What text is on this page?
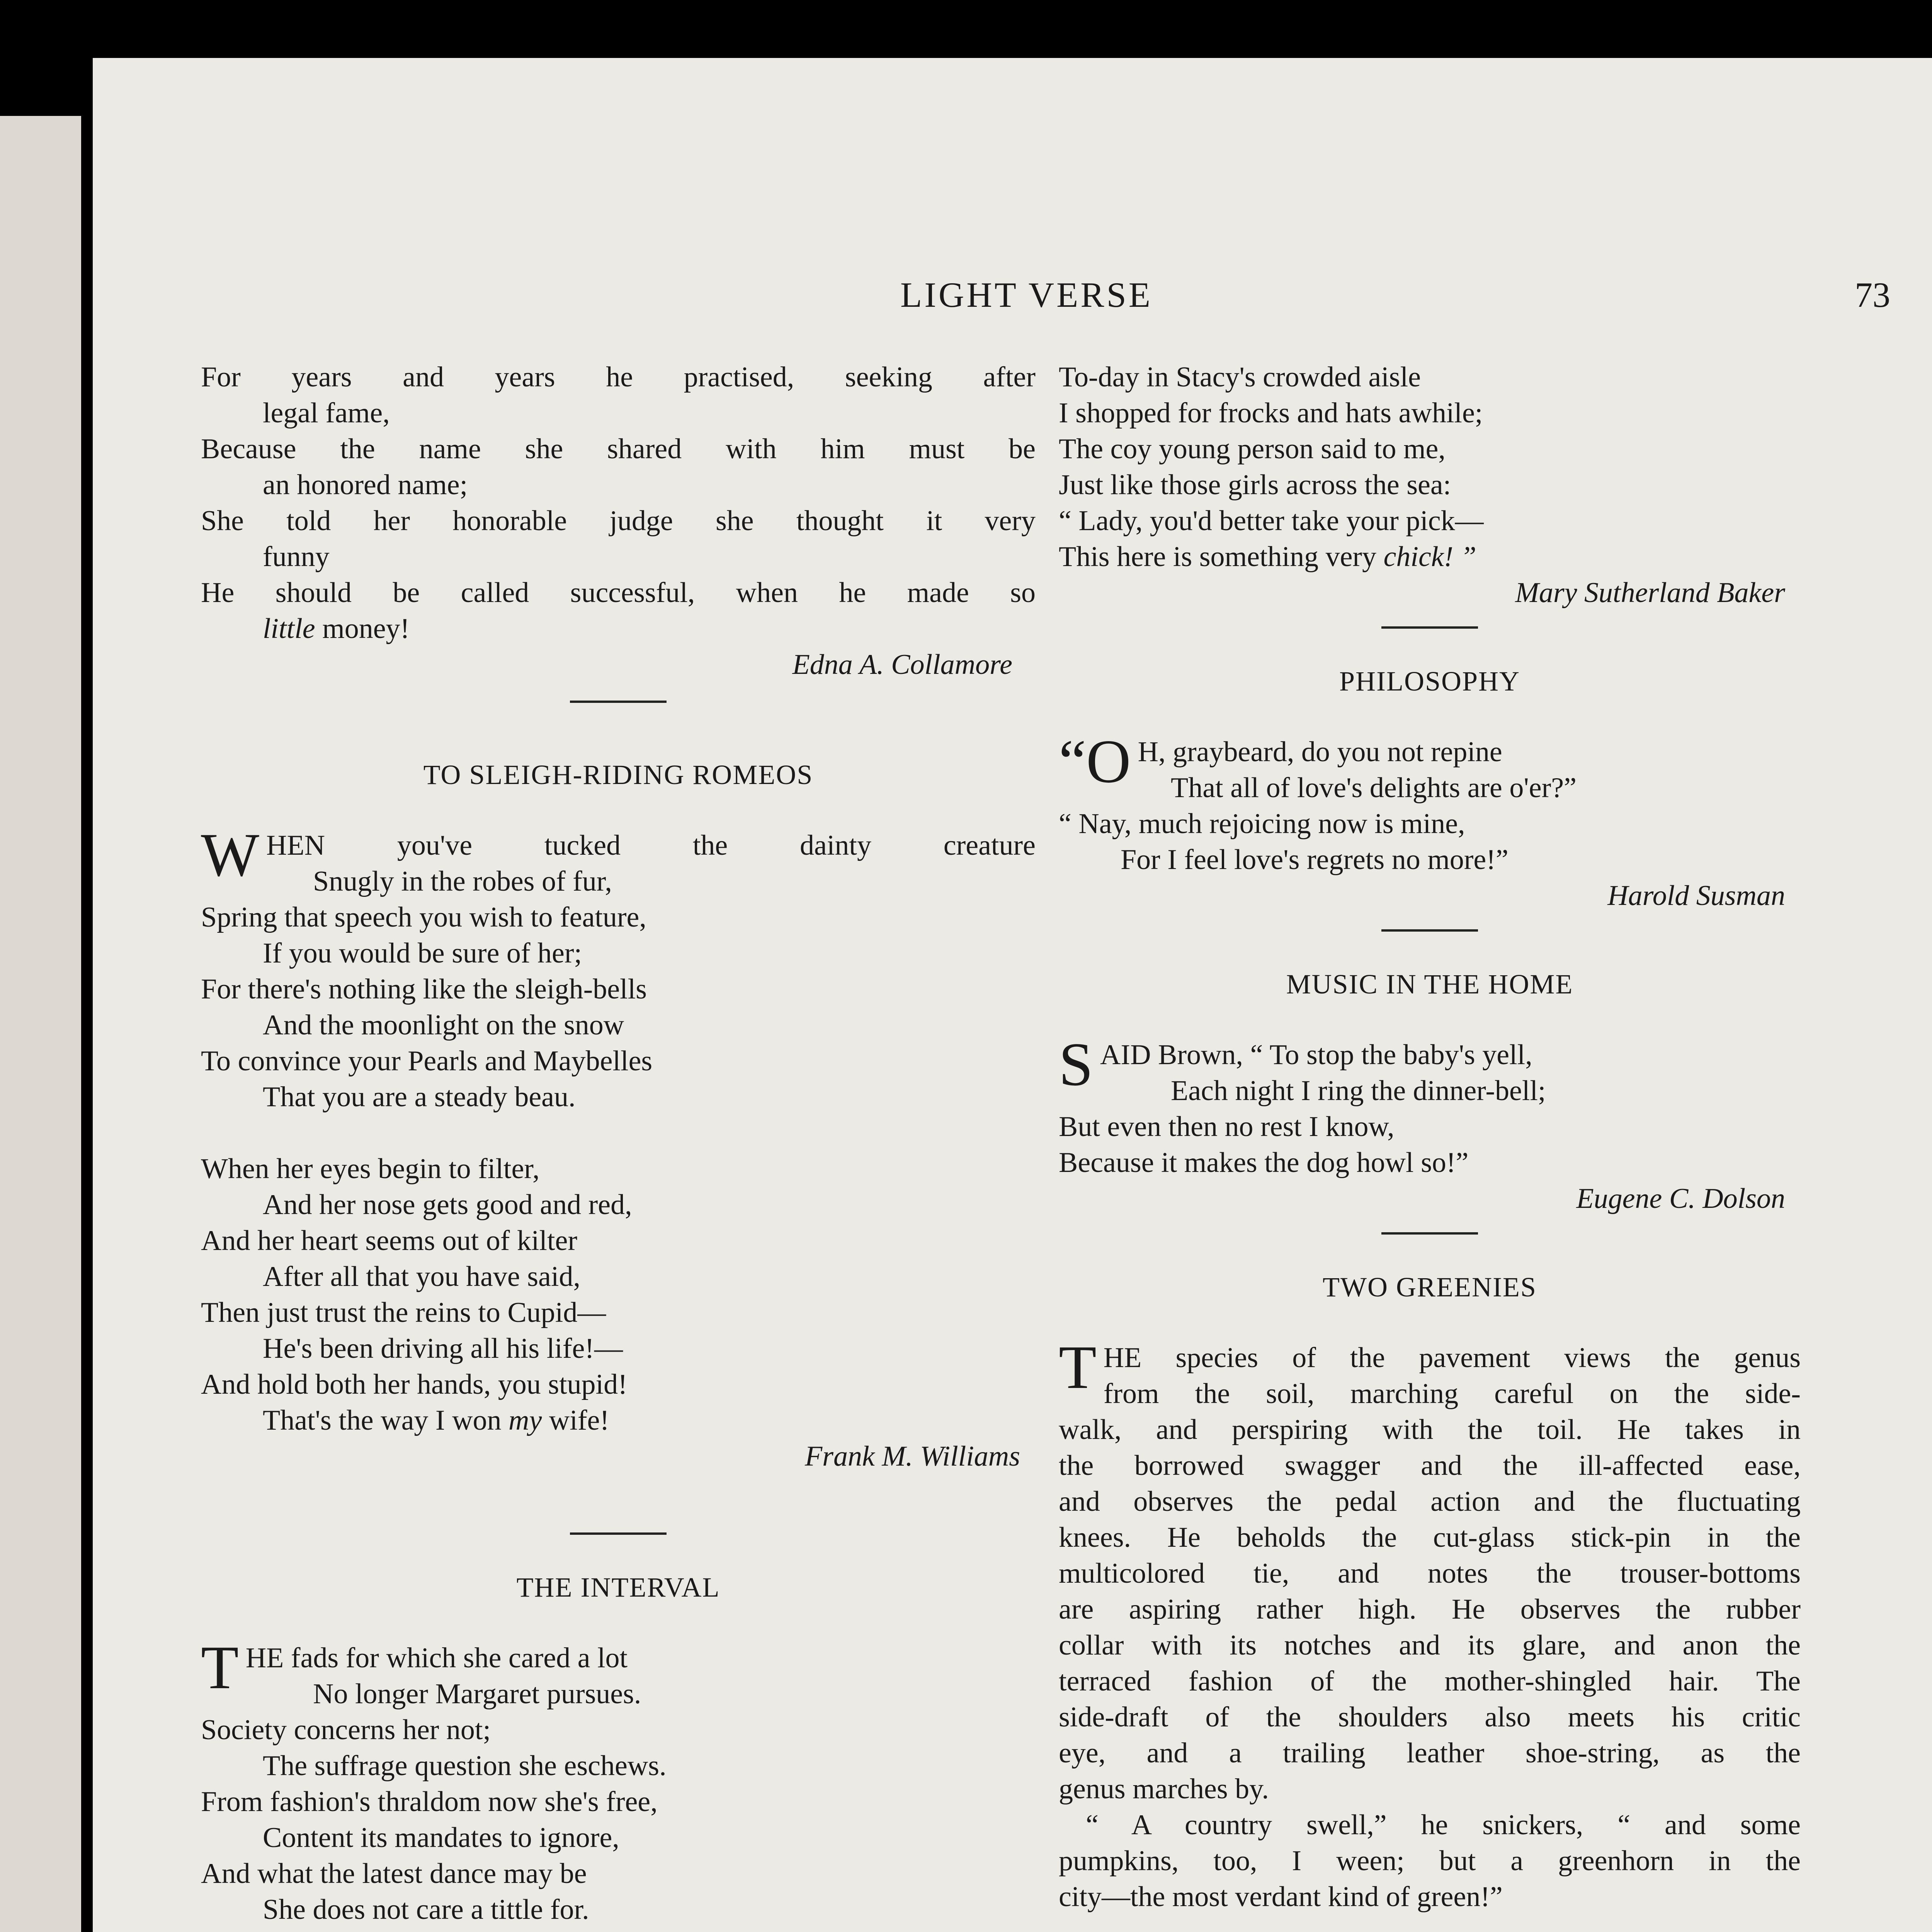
LIGHT VERSE	73
For years and years he practised, seeking after
legal fame,
Because the name she shared with him must be
an honored name;
She told her honorable judge she thought it very
funny
He should be called successful, when he made so
little money!
Edna A. Collamore
TO SLEIGH-RIDING ROMEOS
WHEN you've tucked the dainty creature
Snugly in the robes of fur,
Spring that speech you wish to feature,
If you would be sure of her;
For there's nothing like the sleigh-bells
And the moonlight on the snow
To convince your Pearls and Maybelles
That you are a steady beau.
When her eyes begin to filter,
And her nose gets good and red,
And her heart seems out of kilter
After all that you have said,
Then just trust the reins to Cupid—
He's been driving all his life!—
And hold both her hands, you stupid!
That's the way I won my wife!
Frank M. Williams
THE INTERVAL
THE fads for which she cared a lot
No longer Margaret pursues.
Society concerns her not;
The suffrage question she eschews.
From fashion's thraldom now she's free,
Content its mandates to ignore,
And what the latest dance may be
She does not care a tittle for.
To-day in Stacy's crowded aisle
I shopped for frocks and hats awhile;
The coy young person said to me,
Just like those girls across the sea:
“ Lady, you'd better take your pick—
This here is something very chick! ”
Mary Sutherland Baker
PHILOSOPHY
“O H, graybeard, do you not repine
That all of love's delights are o'er?”
“ Nay, much rejoicing now is mine,
For I feel love's regrets no more!”
Harold Susman
MUSIC IN THE HOME
SAID Brown, “ To stop the baby's yell,
Each night I ring the dinner-bell;
But even then no rest I know,
Because it makes the dog howl so!”
Eugene C. Dolson
TWO GREENIES
T HE species of the pavement views the genus
from the soil, marching careful on the side-
walk, and perspiring with the toil. He takes in
the borrowed swagger and the ill-affected ease,
and observes the pedal action and the fluctuating
knees. He beholds the cut-glass stick-pin in the
multicolored tie, and notes the trouser-bottoms
are aspiring rather high. He observes the rubber
collar with its notches and its glare, and anon the
terraced fashion of the mother-shingled hair. The
side-draft of the shoulders also meets his critic
eye, and a trailing leather shoe-string, as the
genus marches by.
“ A country swell,” he snickers, “ and some
pumpkins, too, I ween; but a greenhorn in the
city—the most verdant kind of green!”
